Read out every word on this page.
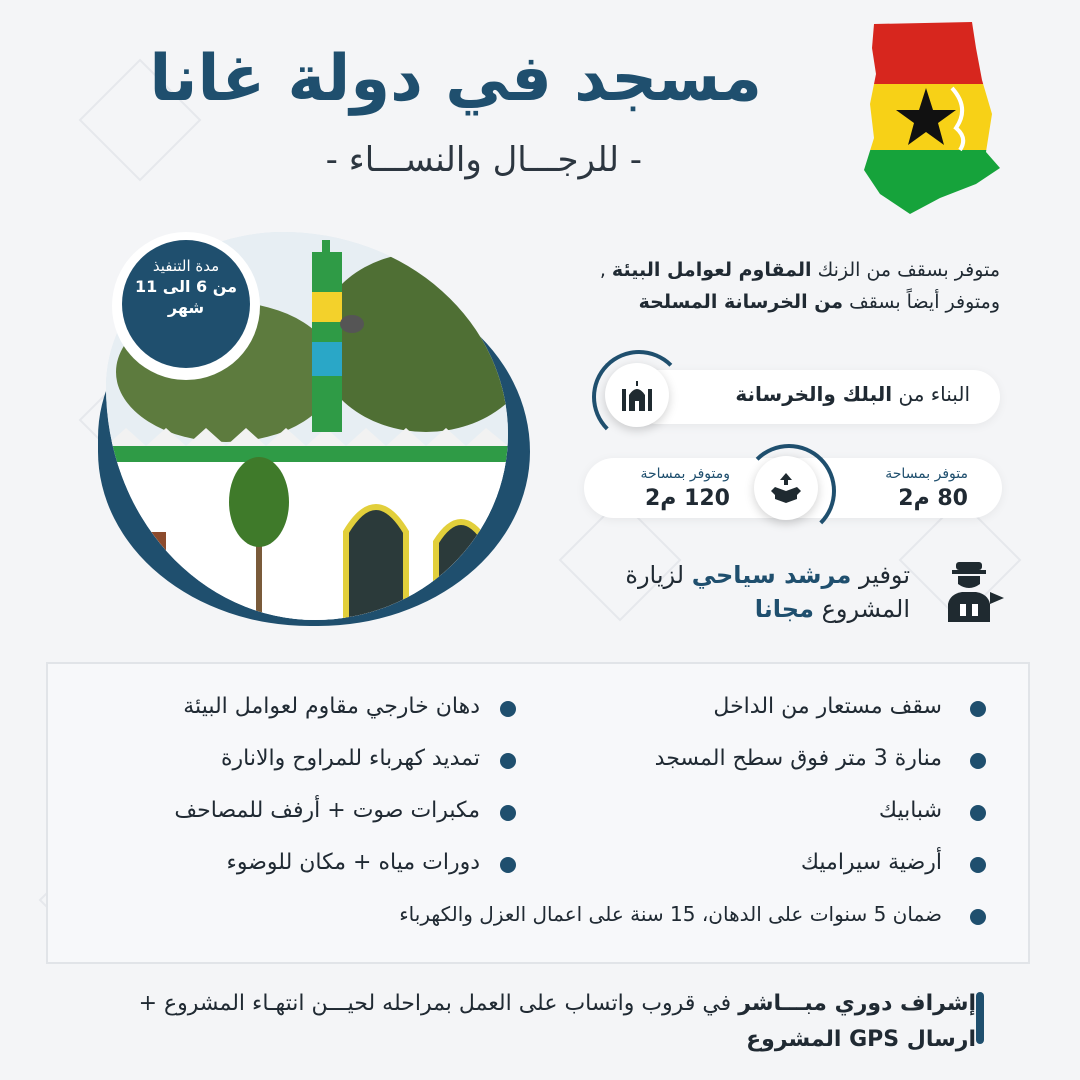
مسجد في دولة غانا
- للرجـــال والنســـاء -
مدة التنفيذ
من 6 الى 11
شهر
متوفر بسقف من الزنك المقاوم لعوامل البيئة , ومتوفر أيضاً بسقف من الخرسانة المسلحة
البناء من البلك والخرسانة
متوفر بمساحة
80 م2
ومتوفر بمساحة
120 م2
توفير مرشد سياحي لزيارة المشروع مجانا
سقف مستعار من الداخل
منارة 3 متر فوق سطح المسجد
شبابيك
أرضية سيراميك
دهان خارجي مقاوم لعوامل البيئة
تمديد كهرباء للمراوح والانارة
مكبرات صوت + أرفف للمصاحف
دورات مياه + مكان للوضوء
ضمان 5 سنوات على الدهان، 15 سنة على اعمال العزل والكهرباء
إشراف دوري مبـــاشر في قروب واتساب على العمل بمراحله لحيـــن انتهـاء المشروع + ارسال GPS المشروع
